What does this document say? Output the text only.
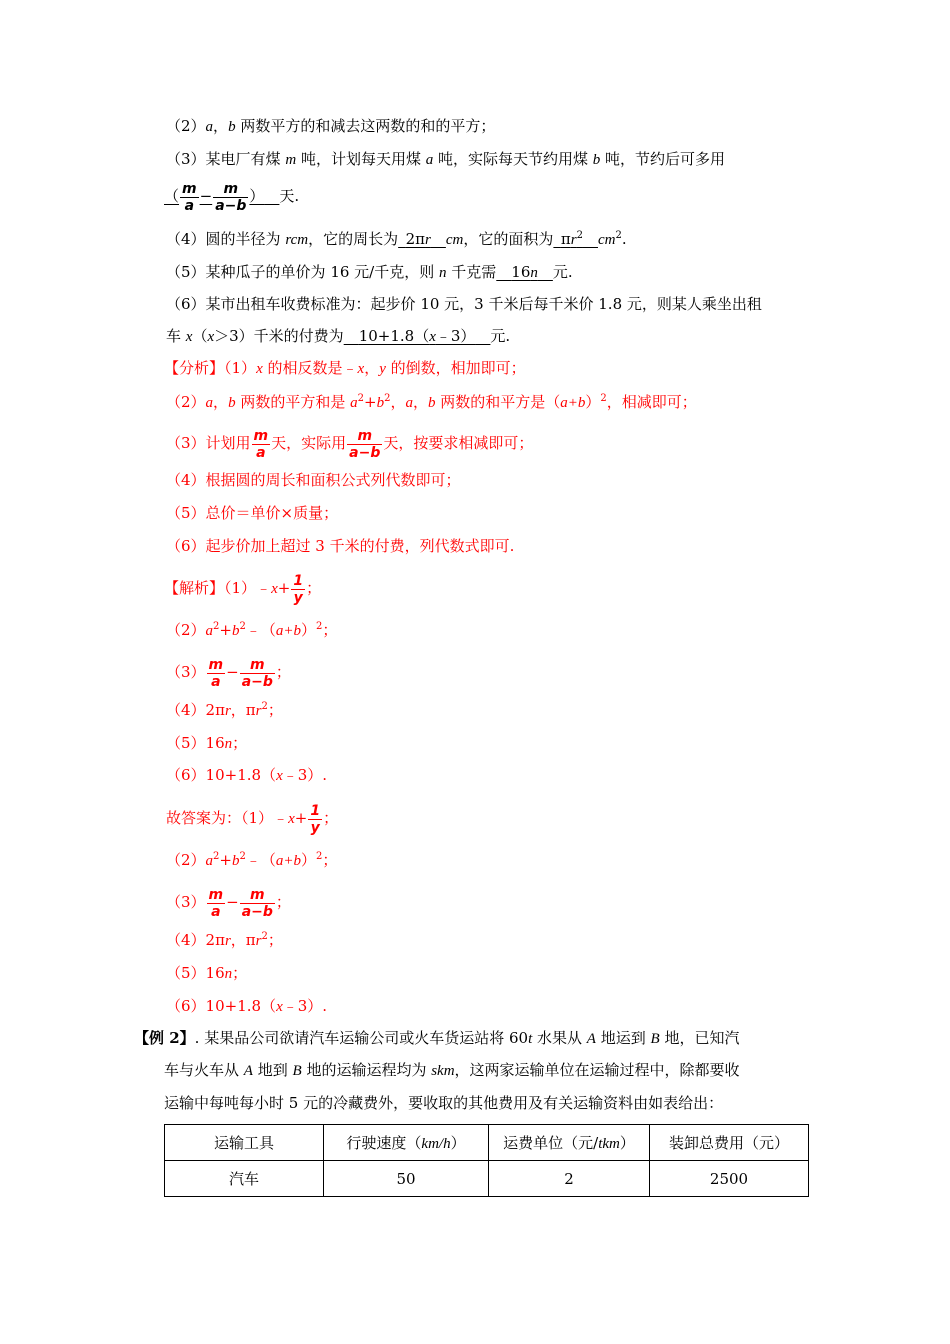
（2）a，b 两数平方的和减去这两数的和的平方；
（3）某电厂有煤 m 吨，计划每天用煤 a 吨，实际每天节约用煤 b 吨，节约后可多用
（ $\frac{m}{a} - \frac{m}{a-b}$ ）  天.
（4）圆的半径为 rcm，它的周长为  2πr  cm，它的面积为  $\pi r^2$  $cm^2$.
（5）某种瓜子的单价为 16 元/千克，则 n 千克需   16n  元.
（6）某市出租车收费标准为：起步价 10 元，3 千米后每千米价 1.8 元，则某人乘坐出租
车 x（x＞3）千米的付费为   10+1.8（x﹣3）  元.
【分析】（1）x 的相反数是﹣x，y 的倒数，相加即可；
（2）a，b 两数的平方和是 $a^2+b^2$，a，b 两数的和平方是$(a+b)^2$，相减即可；
（3）计划用 $\frac{m}{a}$ 天，实际用 $\frac{m}{a-b}$ 天，按要求相减即可；
（4）根据圆的周长和面积公式列代数即可；
（5）总价＝单价×质量；
（6）起步价加上超过 3 千米的付费，列代数式即可.
【解析】（1）﹣x+ $\frac{1}{y}$ ；
$(2)a^2+b^2﹣(a+b)^2$；
$(3) \frac{m}{a} - \frac{m}{a-b}$ ；
（4）2πr，$\pi r^2$；
（5）16n；
（6）10+1.8（x﹣3）.
故答案为：（1）﹣x+ $\frac{1}{y}$ ；
$(2)a^2+b^2﹣(a+b)^2$；
$(3) \frac{m}{a} - \frac{m}{a-b}$ ；
（4）2πr，$\pi r^2$；
（5）16n；
（6）10+1.8（x﹣3）.
【例 2】. 某果品公司欲请汽车运输公司或火车货运站将 60t 水果从 A 地运到 B 地，已知汽
车与火车从 A 地到 B 地的运输运程均为 skm，这两家运输单位在运输过程中，除都要收
运输中每吨每小时 5 元的冷藏费外，要收取的其他费用及有关运输资料由如表给出：
运输工具	行驶速度（km/h）	运费单位（元/tkm）	装卸总费用（元）
汽车	50	2	2500
